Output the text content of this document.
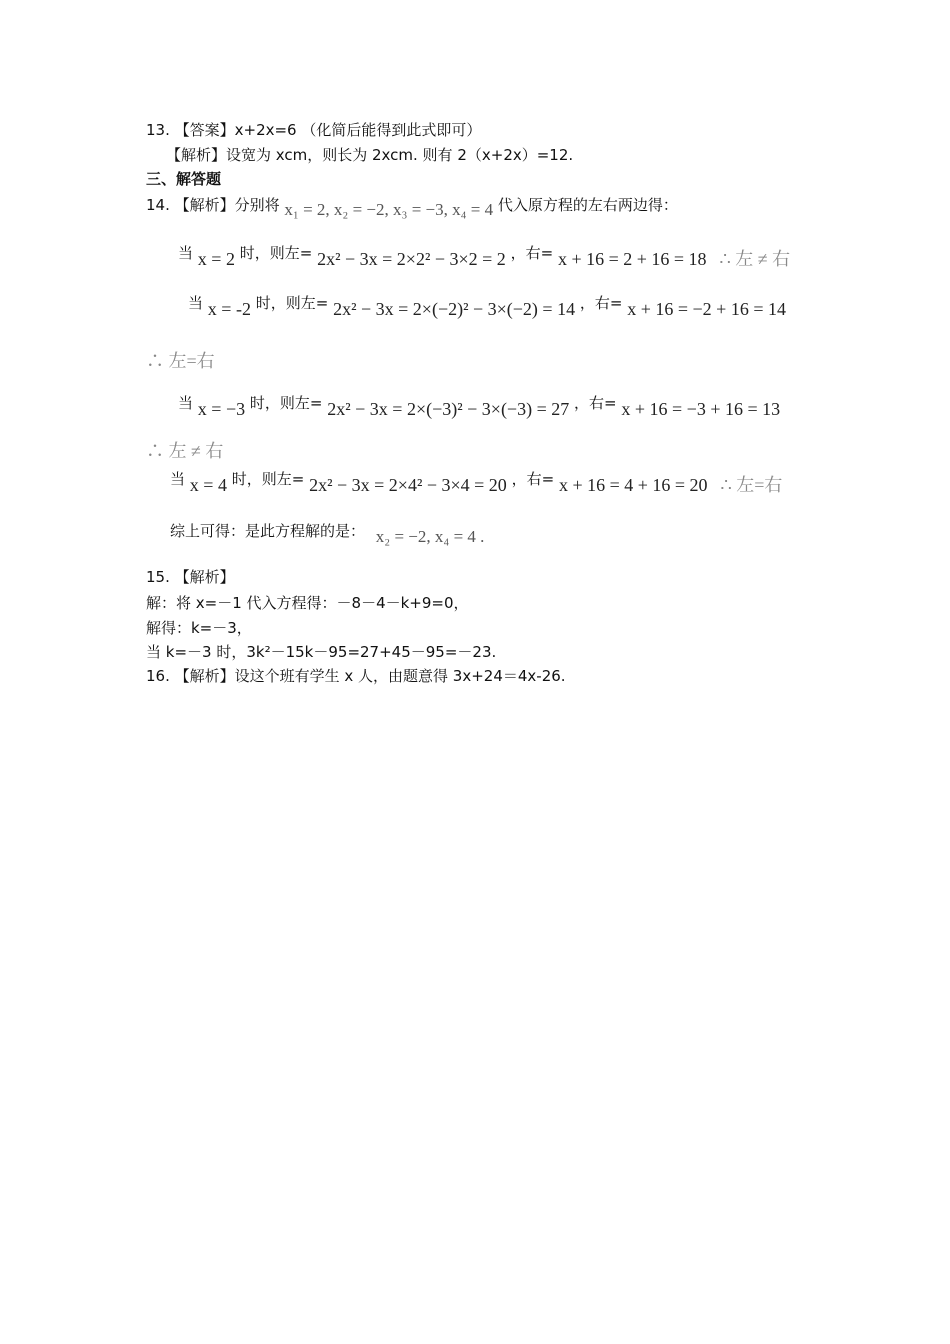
13. 【答案】x+2x=6 （化简后能得到此式即可）
【解析】设宽为 xcm，则长为 2xcm. 则有 2（x+2x）=12.
三、解答题
14. 【解析】分别将 x₁ = 2, x₂ = −2, x₃ = −3, x₄ = 4 代入原方程的左右两边得：
当 x = 2 时，则左= 2x² − 3x = 2×2² − 3×2 = 2 ，右= x + 16 = 2 + 16 = 18 ∴ 左 ≠ 右
当 x = -2 时，则左= 2x² − 3x = 2×(−2)² − 3×(−2) = 14 ，右= x + 16 = −2 + 16 = 14
∴ 左=右
当 x = −3 时，则左= 2x² − 3x = 2×(−3)² − 3×(−3) = 27 ，右= x + 16 = −3 + 16 = 13
∴ 左 ≠ 右
当 x = 4 时，则左= 2x² − 3x = 2×4² − 3×4 = 20 ，右= x + 16 = 4 + 16 = 20 ∴ 左=右
综上可得：是此方程解的是： x₂ = −2, x₄ = 4 .
15. 【解析】
解：将 x=－1 代入方程得：－8－4－k+9=0，
解得：k=－3，
当 k=－3 时，3k²－15k－95=27+45－95=－23.
16. 【解析】设这个班有学生 x 人，由题意得 3x+24＝4x-26.
